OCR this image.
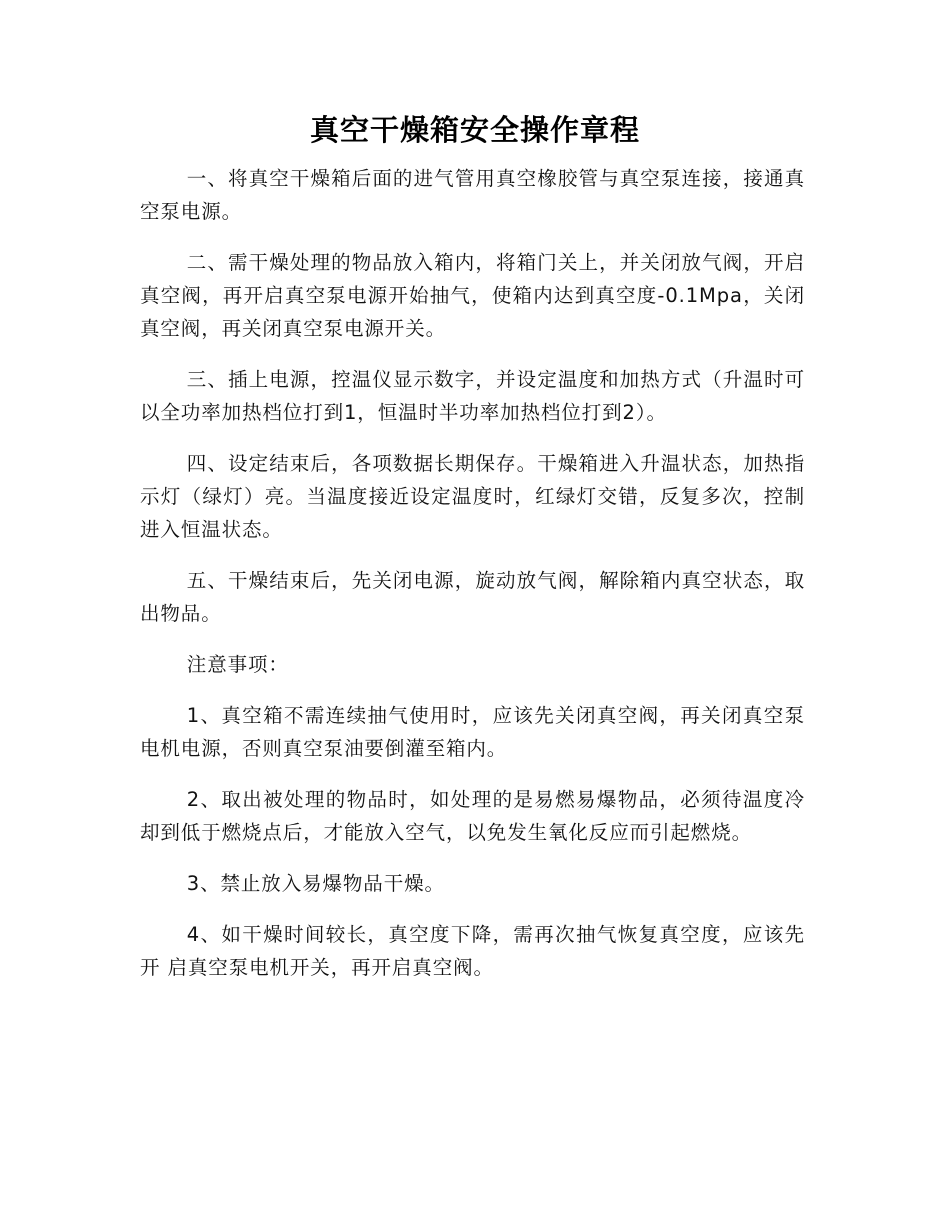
真空干燥箱安全操作章程

一、将真空干燥箱后面的进气管用真空橡胶管与真空泵连接，接通真空泵电源。

二、需干燥处理的物品放入箱内，将箱门关上，并关闭放气阀，开启真空阀，再开启真空泵电源开始抽气，使箱内达到真空度-0.1Mpa，关闭真空阀，再关闭真空泵电源开关。

三、插上电源，控温仪显示数字，并设定温度和加热方式（升温时可以全功率加热档位打到1，恒温时半功率加热档位打到2）。

四、设定结束后，各项数据长期保存。干燥箱进入升温状态，加热指示灯（绿灯）亮。当温度接近设定温度时，红绿灯交错，反复多次，控制进入恒温状态。

五、干燥结束后，先关闭电源，旋动放气阀，解除箱内真空状态，取出物品。

注意事项：

1、真空箱不需连续抽气使用时，应该先关闭真空阀，再关闭真空泵电机电源，否则真空泵油要倒灌至箱内。

2、取出被处理的物品时，如处理的是易燃易爆物品，必须待温度冷却到低于燃烧点后，才能放入空气，以免发生氧化反应而引起燃烧。

3、禁止放入易爆物品干燥。

4、如干燥时间较长，真空度下降，需再次抽气恢复真空度，应该先开 启真空泵电机开关，再开启真空阀。
